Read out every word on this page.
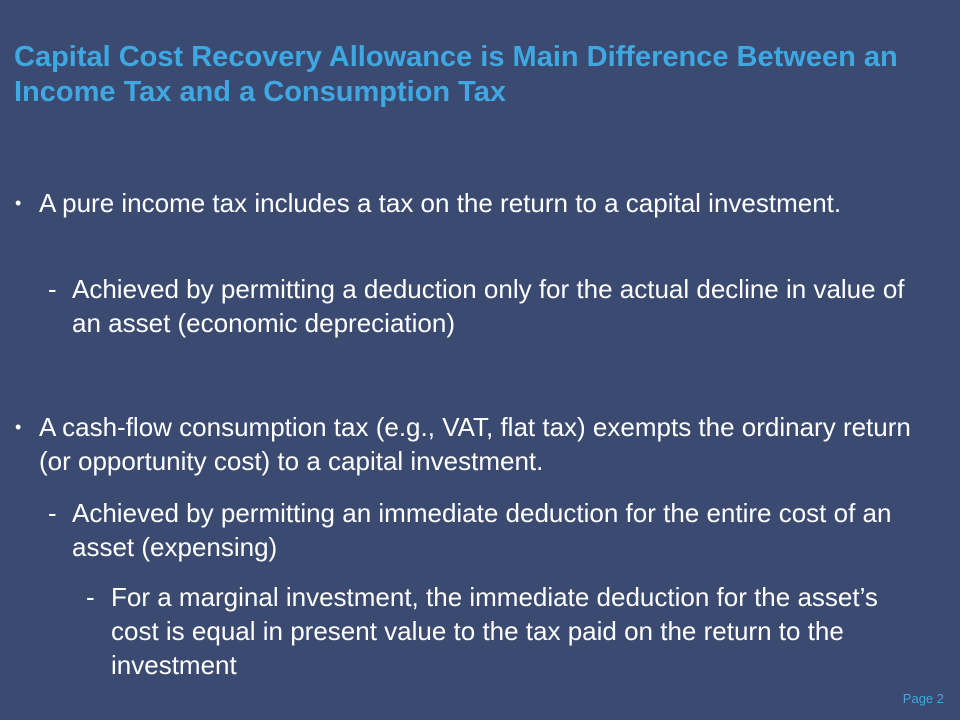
Capital Cost Recovery Allowance is Main Difference Between an Income Tax and a Consumption Tax
• A pure income tax includes a tax on the return to a capital investment.
- Achieved by permitting a deduction only for the actual decline in value of an asset (economic depreciation)
• A cash-flow consumption tax (e.g., VAT, flat tax) exempts the ordinary return (or opportunity cost) to a capital investment.
- Achieved by permitting an immediate deduction for the entire cost of an asset (expensing)
- For a marginal investment, the immediate deduction for the asset’s cost is equal in present value to the tax paid on the return to the investment
Page 2
